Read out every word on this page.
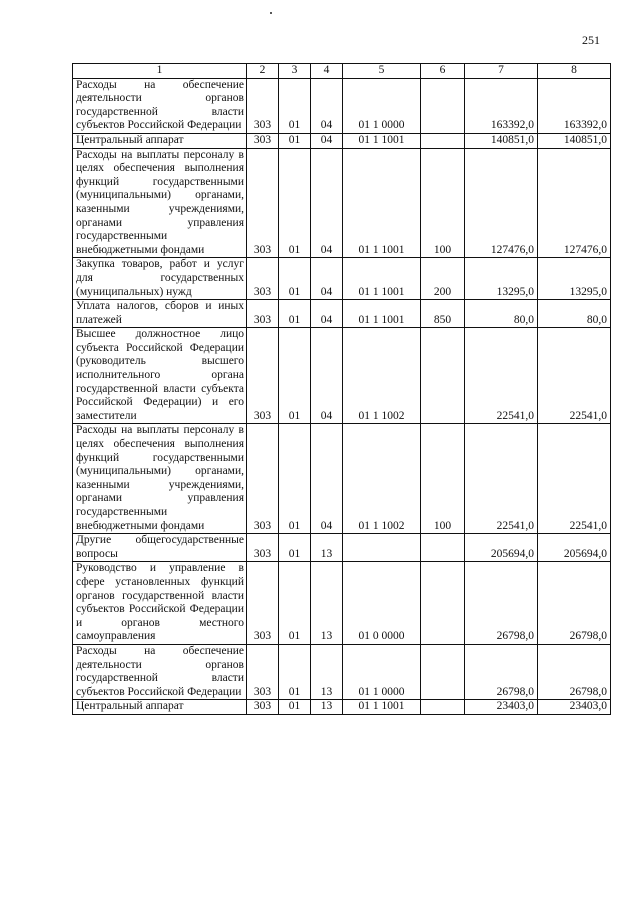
251
1	2	3	4	5	6	7	8
Расходы на обеспечение деятельности органов государственной власти субъектов Российской Федерации	303	01	04	01 1 0000		163392,0	163392,0
Центральный аппарат	303	01	04	01 1 1001		140851,0	140851,0
Расходы на выплаты персоналу в целях обеспечения выполнения функций государственными (муниципальными) органами, казенными учреждениями, органами управления государственными внебюджетными фондами	303	01	04	01 1 1001	100	127476,0	127476,0
Закупка товаров, работ и услуг для государственных (муниципальных) нужд	303	01	04	01 1 1001	200	13295,0	13295,0
Уплата налогов, сборов и иных платежей	303	01	04	01 1 1001	850	80,0	80,0
Высшее должностное лицо субъекта Российской Федерации (руководитель высшего исполнительного органа государственной власти субъекта Российской Федерации) и его заместители	303	01	04	01 1 1002		22541,0	22541,0
Расходы на выплаты персоналу в целях обеспечения выполнения функций государственными (муниципальными) органами, казенными учреждениями, органами управления государственными внебюджетными фондами	303	01	04	01 1 1002	100	22541,0	22541,0
Другие общегосударственные вопросы	303	01	13			205694,0	205694,0
Руководство и управление в сфере установленных функций органов государственной власти субъектов Российской Федерации и органов местного самоуправления	303	01	13	01 0 0000		26798,0	26798,0
Расходы на обеспечение деятельности органов государственной власти субъектов Российской Федерации	303	01	13	01 1 0000		26798,0	26798,0
Центральный аппарат	303	01	13	01 1 1001		23403,0	23403,0
